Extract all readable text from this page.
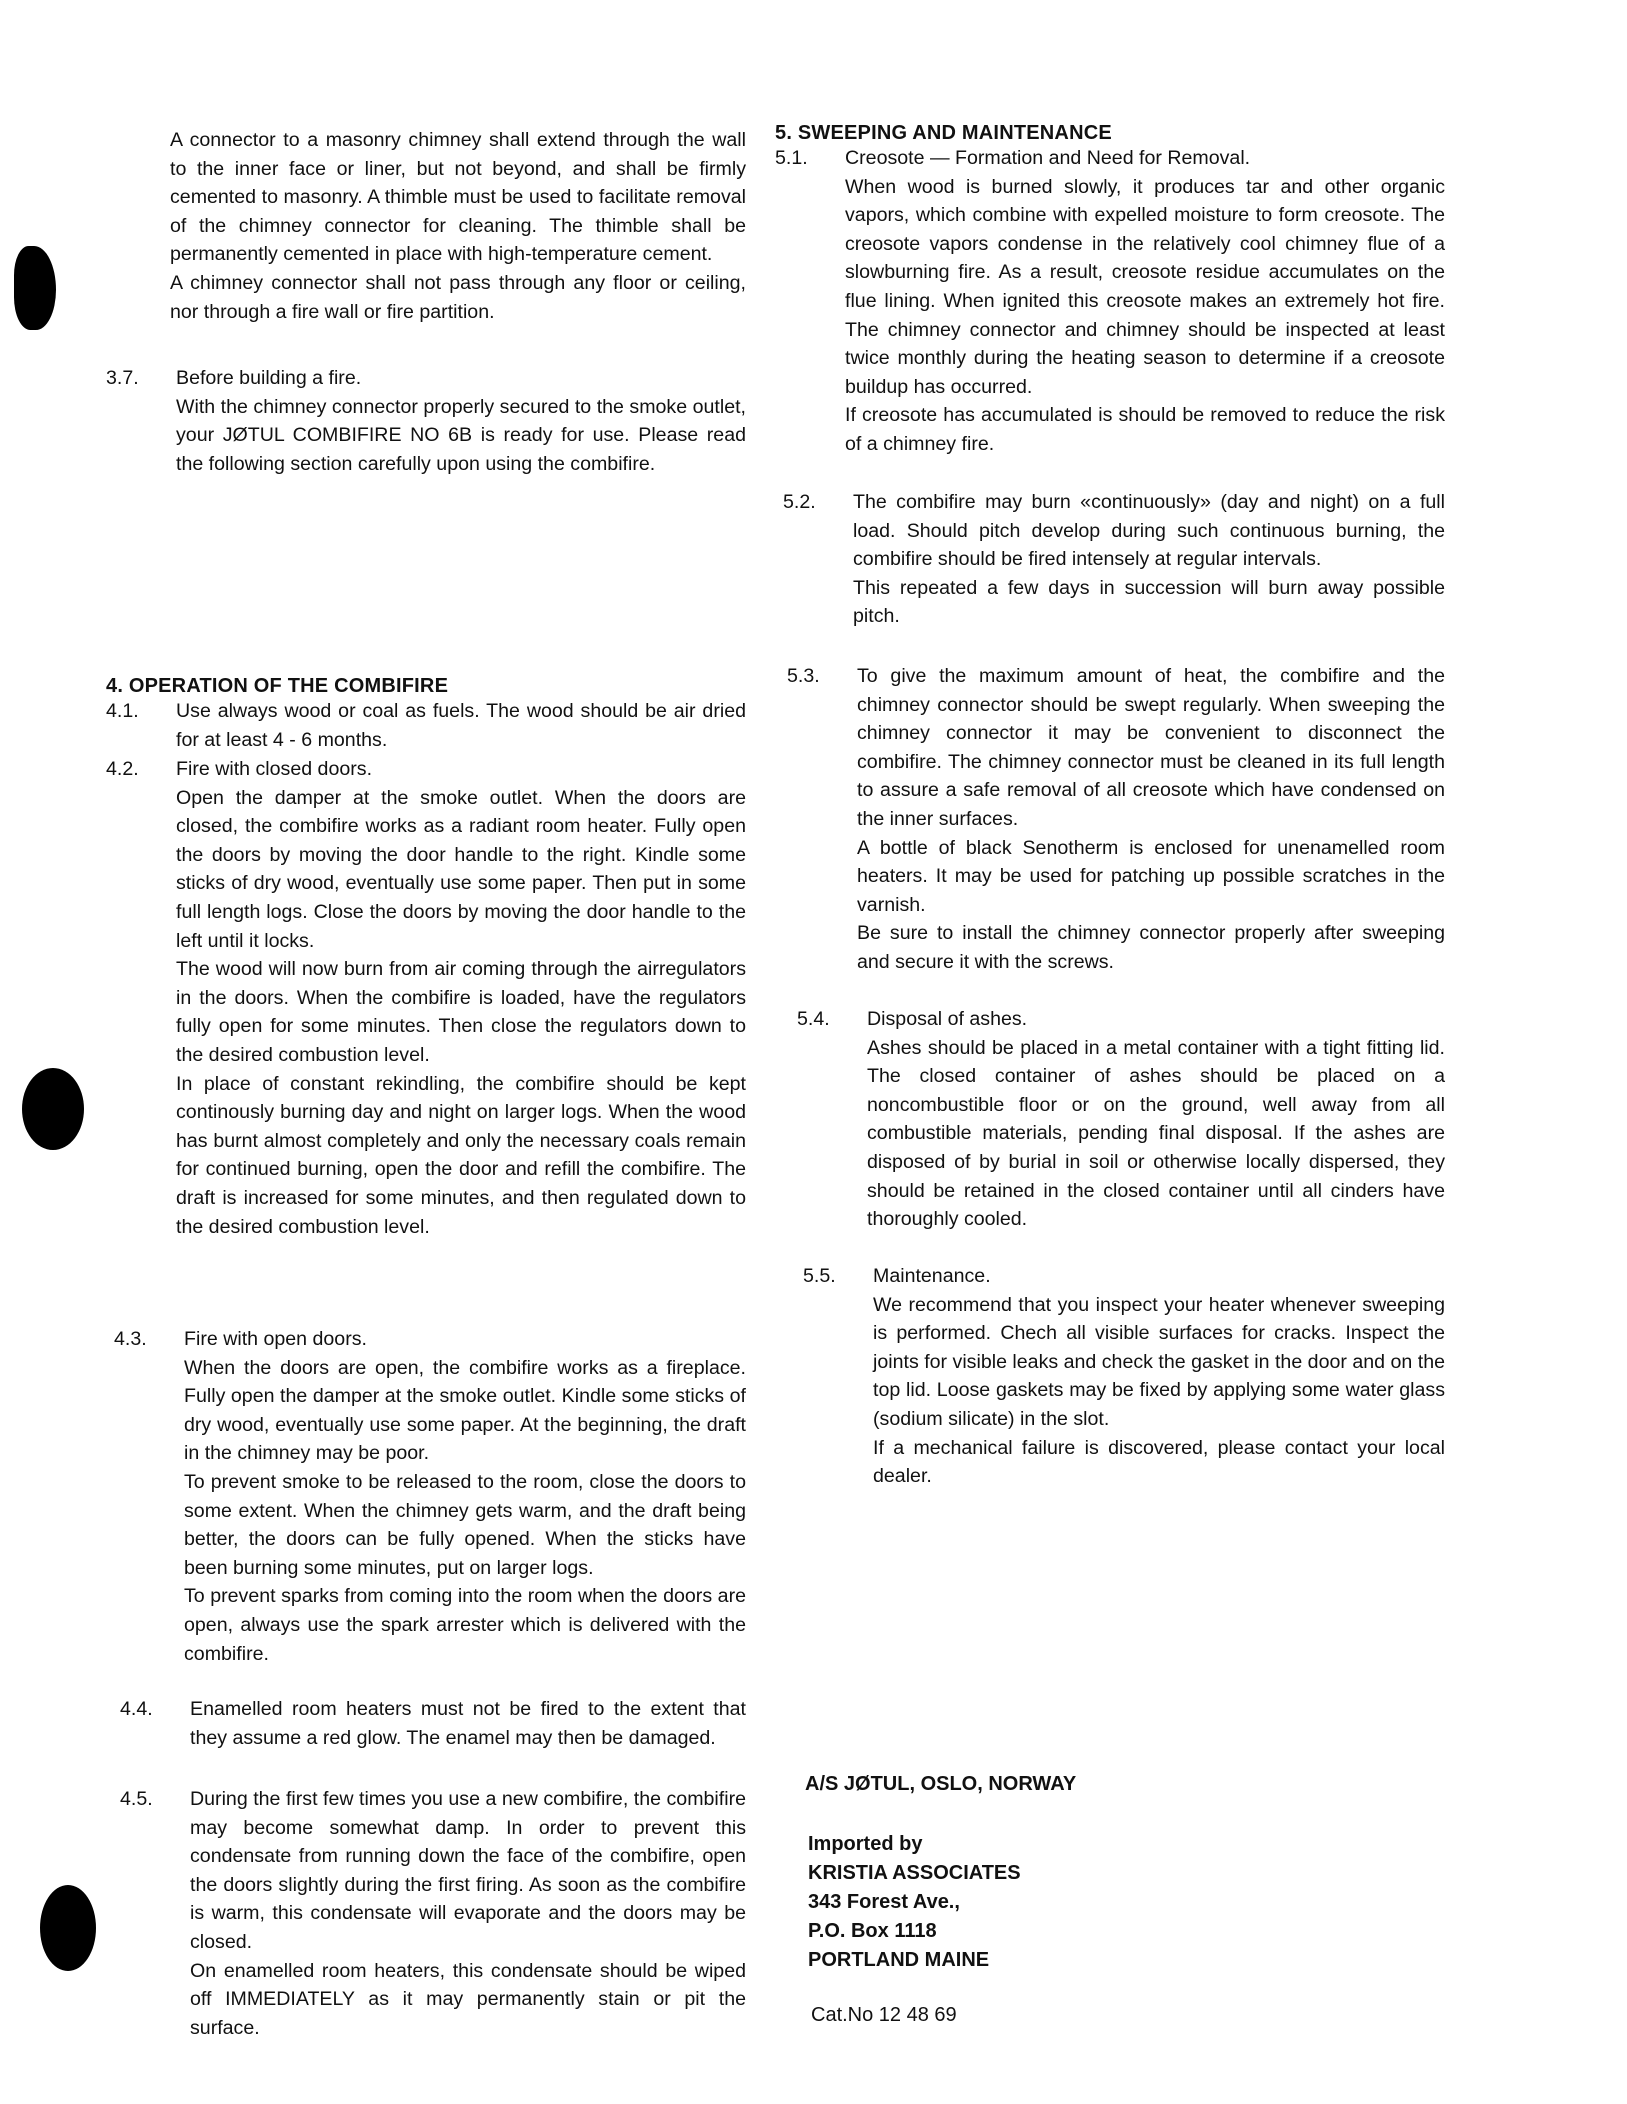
A connector to a masonry chimney shall extend through the wall to the inner face or liner, but not beyond, and shall be firmly cemented to masonry. A thimble must be used to facilitate removal of the chimney connector for cleaning. The thimble shall be permanently cemented in place with high-temperature cement.

A chimney connector shall not pass through any floor or ceiling, nor through a fire wall or fire partition.

3.7.	Before building a fire.

With the chimney connector properly secured to the smoke outlet, your JØTUL COMBIFIRE NO 6B is ready for use. Please read the following section carefully upon using the combifire.

4. OPERATION OF THE COMBIFIRE
4.1.	Use always wood or coal as fuels. The wood should be air dried for at least 4 - 6 months.

4.2.	Fire with closed doors.

Open the damper at the smoke outlet. When the doors are closed, the combifire works as a radiant room heater. Fully open the doors by moving the door handle to the right. Kindle some sticks of dry wood, eventually use some paper. Then put in some full length logs. Close the doors by moving the door handle to the left until it locks.

The wood will now burn from air coming through the airregulators in the doors. When the combifire is loaded, have the regulators fully open for some minutes. Then close the regulators down to the desired combustion level.

In place of constant rekindling, the combifire should be kept continously burning day and night on larger logs. When the wood has burnt almost completely and only the necessary coals remain for continued burning, open the door and refill the combifire. The draft is increased for some minutes, and then regulated down to the desired combustion level.

4.3.	Fire with open doors.

When the doors are open, the combifire works as a fireplace. Fully open the damper at the smoke outlet. Kindle some sticks of dry wood, eventually use some paper. At the beginning, the draft in the chimney may be poor.

To prevent smoke to be released to the room, close the doors to some extent. When the chimney gets warm, and the draft being better, the doors can be fully opened. When the sticks have been burning some minutes, put on larger logs.

To prevent sparks from coming into the room when the doors are open, always use the spark arrester which is delivered with the combifire.

4.4.	Enamelled room heaters must not be fired to the extent that they assume a red glow. The enamel may then be damaged.

4.5.	During the first few times you use a new combifire, the combifire may become somewhat damp. In order to prevent this condensate from running down the face of the combifire, open the doors slightly during the first firing. As soon as the combifire is warm, this condensate will evaporate and the doors may be closed.

On enamelled room heaters, this condensate should be wiped off IMMEDIATELY as it may permanently stain or pit the surface.

5. SWEEPING AND MAINTENANCE
5.1.	Creosote — Formation and Need for Removal.

When wood is burned slowly, it produces tar and other organic vapors, which combine with expelled moisture to form creosote. The creosote vapors condense in the relatively cool chimney flue of a slowburning fire. As a result, creosote residue accumulates on the flue lining. When ignited this creosote makes an extremely hot fire. The chimney connector and chimney should be inspected at least twice monthly during the heating season to determine if a creosote buildup has occurred.

If creosote has accumulated is should be removed to reduce the risk of a chimney fire.

5.2.	The combifire may burn «continuously» (day and night) on a full load. Should pitch develop during such continuous burning, the combifire should be fired intensely at regular intervals.

This repeated a few days in succession will burn away possible pitch.

5.3.	To give the maximum amount of heat, the combifire and the chimney connector should be swept regularly. When sweeping the chimney connector it may be convenient to disconnect the combifire. The chimney connector must be cleaned in its full length to assure a safe removal of all creosote which have condensed on the inner surfaces.

A bottle of black Senotherm is enclosed for unenamelled room heaters. It may be used for patching up possible scratches in the varnish.

Be sure to install the chimney connector properly after sweeping and secure it with the screws.

5.4.	Disposal of ashes.

Ashes should be placed in a metal container with a tight fitting lid. The closed container of ashes should be placed on a noncombustible floor or on the ground, well away from all combustible materials, pending final disposal. If the ashes are disposed of by burial in soil or otherwise locally dispersed, they should be retained in the closed container until all cinders have thoroughly cooled.

5.5.	Maintenance.

We recommend that you inspect your heater whenever sweeping is performed. Chech all visible surfaces for cracks. Inspect the joints for visible leaks and check the gasket in the door and on the top lid. Loose gaskets may be fixed by applying some water glass (sodium silicate) in the slot.

If a mechanical failure is discovered, please contact your local dealer.

A/S JØTUL, OSLO, NORWAY
Imported by
KRISTIA ASSOCIATES
343 Forest Ave.,
P.O. Box 1118
PORTLAND MAINE
Cat.No 12 48 69
